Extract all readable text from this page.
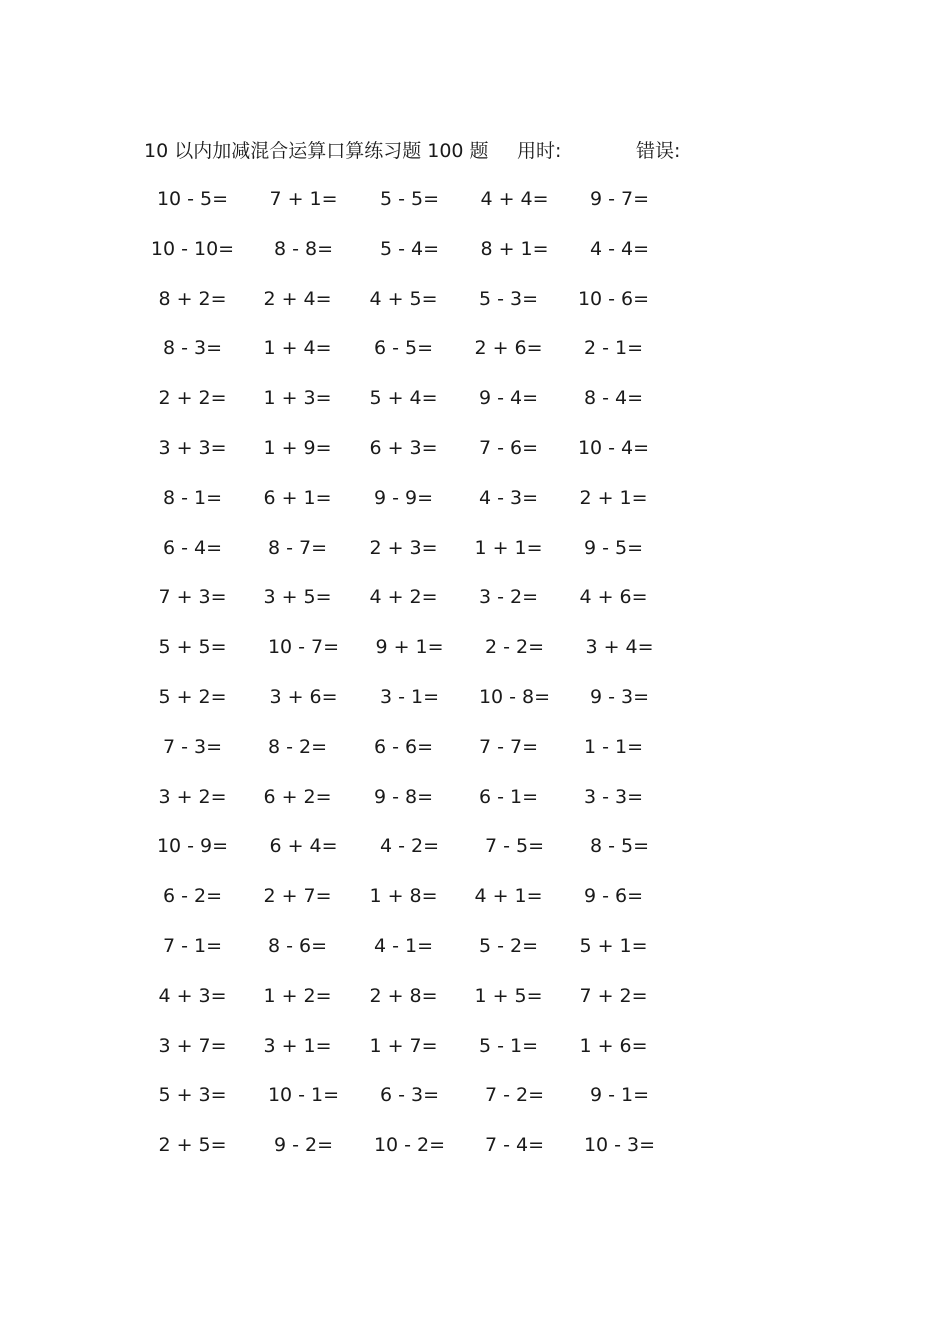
10 以内加减混合运算口算练习题 100 题 用时:	错误:
10 - 5=	7 + 1=	5 - 5=	4 + 4=	9 - 7=
10 - 10=	8 - 8=	5 - 4=	8 + 1=	4 - 4=
8 + 2=	2 + 4=	4 + 5=	5 - 3=	10 - 6=
8 - 3=	1 + 4=	6 - 5=	2 + 6=	2 - 1=
2 + 2=	1 + 3=	5 + 4=	9 - 4=	8 - 4=
3 + 3=	1 + 9=	6 + 3=	7 - 6=	10 - 4=
8 - 1=	6 + 1=	9 - 9=	4 - 3=	2 + 1=
6 - 4=	8 - 7=	2 + 3=	1 + 1=	9 - 5=
7 + 3=	3 + 5=	4 + 2=	3 - 2=	4 + 6=
5 + 5=	10 - 7=	9 + 1=	2 - 2=	3 + 4=
5 + 2=	3 + 6=	3 - 1=	10 - 8=	9 - 3=
7 - 3=	8 - 2=	6 - 6=	7 - 7=	1 - 1=
3 + 2=	6 + 2=	9 - 8=	6 - 1=	3 - 3=
10 - 9=	6 + 4=	4 - 2=	7 - 5=	8 - 5=
6 - 2=	2 + 7=	1 + 8=	4 + 1=	9 - 6=
7 - 1=	8 - 6=	4 - 1=	5 - 2=	5 + 1=
4 + 3=	1 + 2=	2 + 8=	1 + 5=	7 + 2=
3 + 7=	3 + 1=	1 + 7=	5 - 1=	1 + 6=
5 + 3=	10 - 1=	6 - 3=	7 - 2=	9 - 1=
2 + 5=	9 - 2=	10 - 2=	7 - 4=	10 - 3=
